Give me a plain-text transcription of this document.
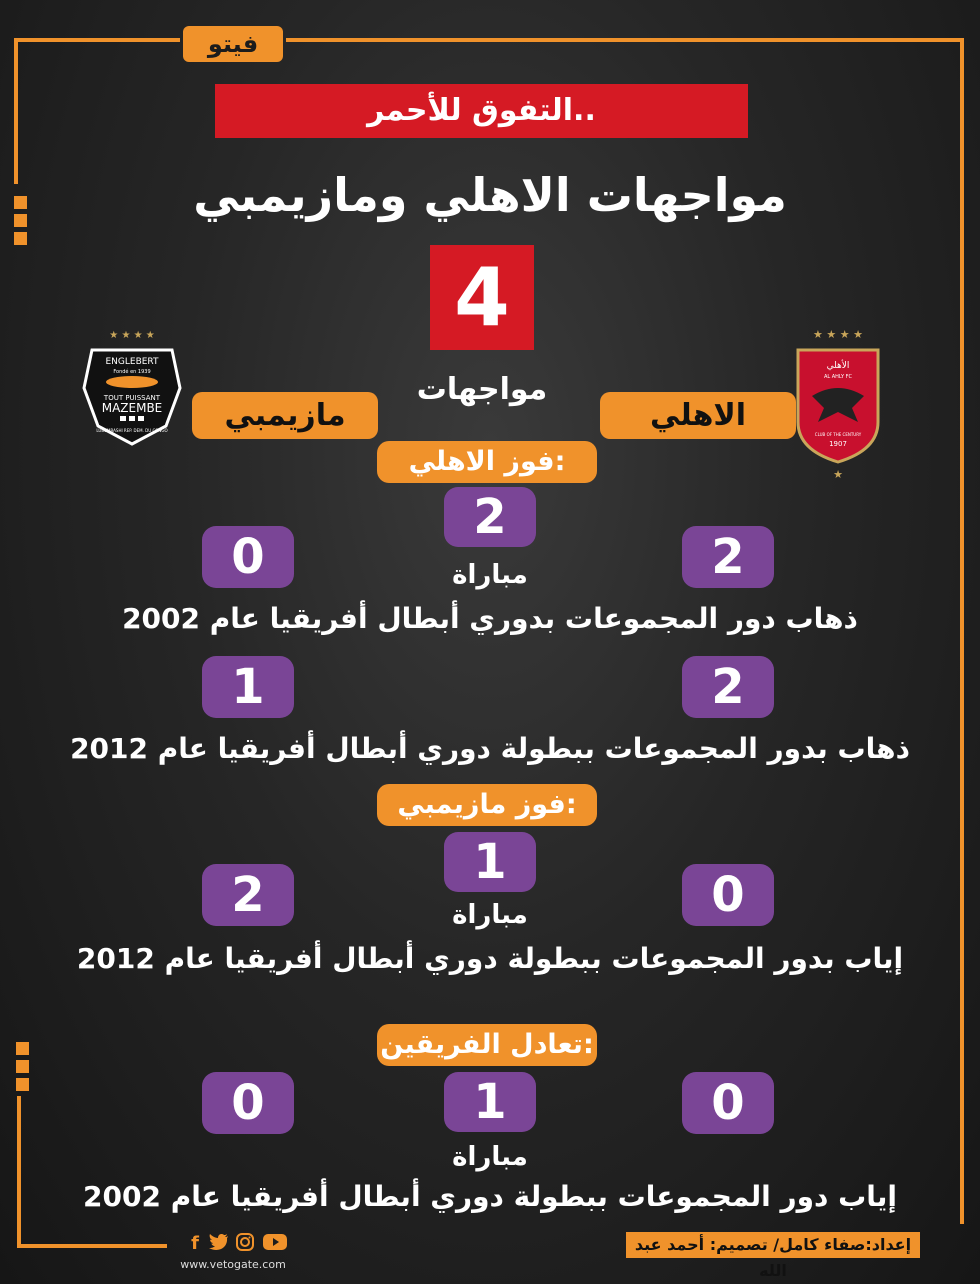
فيتو
التفوق للأحمر..
مواجهات الاهلي ومازيمبي
4
مواجهات
★ ★ ★ ★
ENGLEBERT
Fondé en 1939
TOUT PUISSANT
MAZEMBE
LUBUMBASHI REP. DEM. DU CONGO
★ ★ ★ ★
الأهلي
AL AHLY FC
CLUB OF THE CENTURY
1907
★
مازيمبي	الاهلي
فوز الاهلي:
2
مباراة
0	2
ذهاب دور المجموعات بدوري أبطال أفريقيا عام 2002
1	2
ذهاب بدور المجموعات ببطولة دوري أبطال أفريقيا عام 2012
فوز مازيمبي:
1
مباراة
2	0
إياب بدور المجموعات ببطولة دوري أبطال أفريقيا عام 2012
تعادل الفريقين:
1
مباراة
0	0
إياب دور المجموعات ببطولة دوري أبطال أفريقيا عام 2002
f
www.vetogate.com
إعداد:صفاء كامل/ تصميم: أحمد عبد الله
